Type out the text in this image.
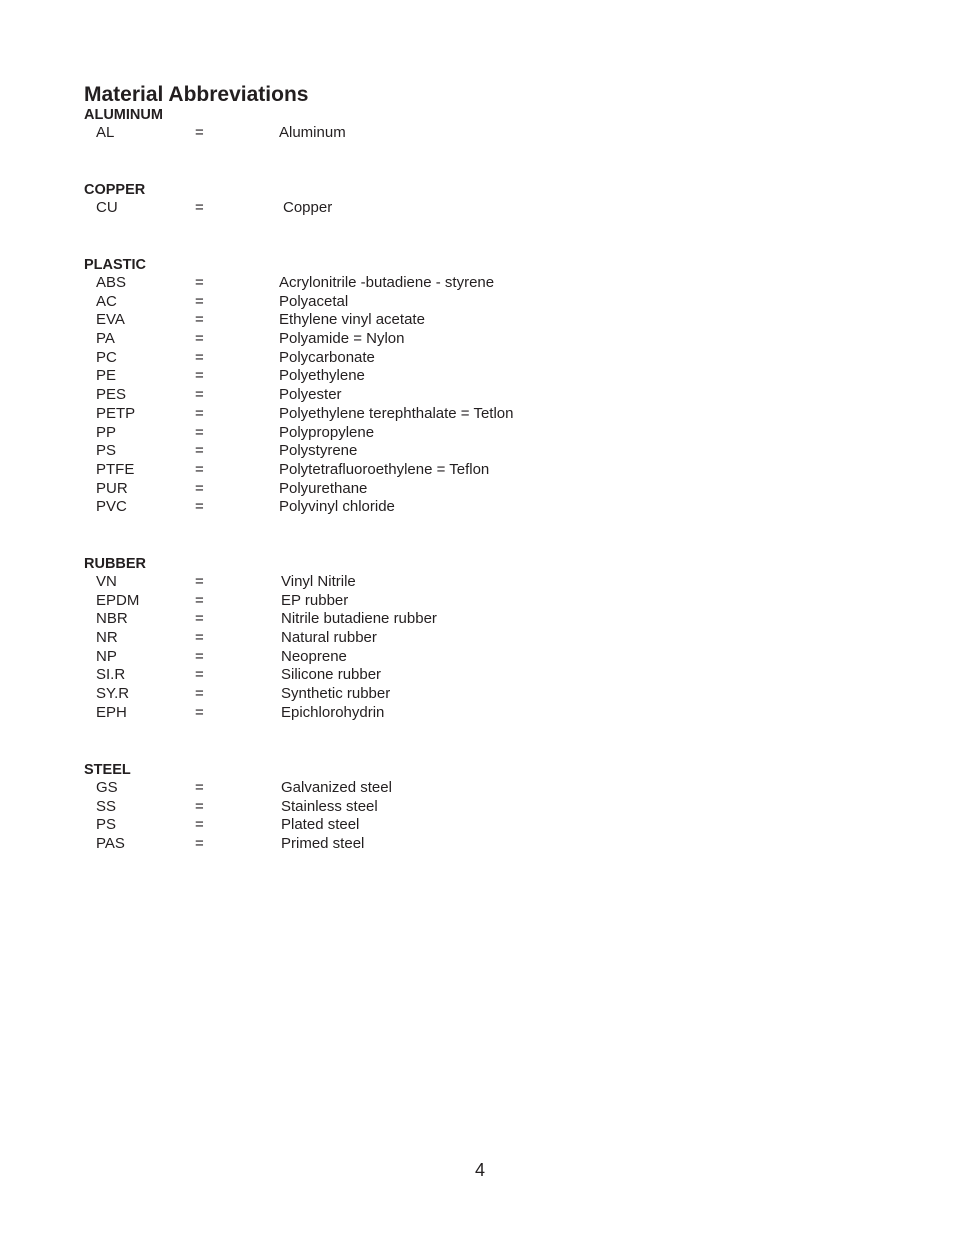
Material Abbreviations
ALUMINUM
AL	=	Aluminum
COPPER
CU	=	Copper
PLASTIC
ABS	=	Acrylonitrile -butadiene - styrene
AC	=	Polyacetal
EVA	=	Ethylene vinyl acetate
PA	=	Polyamide = Nylon
PC	=	Polycarbonate
PE	=	Polyethylene
PES	=	Polyester
PETP	=	Polyethylene terephthalate = Tetlon
PP	=	Polypropylene
PS	=	Polystyrene
PTFE	=	Polytetrafluoroethylene = Teflon
PUR	=	Polyurethane
PVC	=	Polyvinyl chloride
RUBBER
VN	=	Vinyl Nitrile
EPDM	=	EP rubber
NBR	=	Nitrile butadiene rubber
NR	=	Natural rubber
NP	=	Neoprene
SI.R	=	Silicone rubber
SY.R	=	Synthetic rubber
EPH	=	Epichlorohydrin
STEEL
GS	=	Galvanized steel
SS	=	Stainless steel
PS	=	Plated steel
PAS	=	Primed steel
4
